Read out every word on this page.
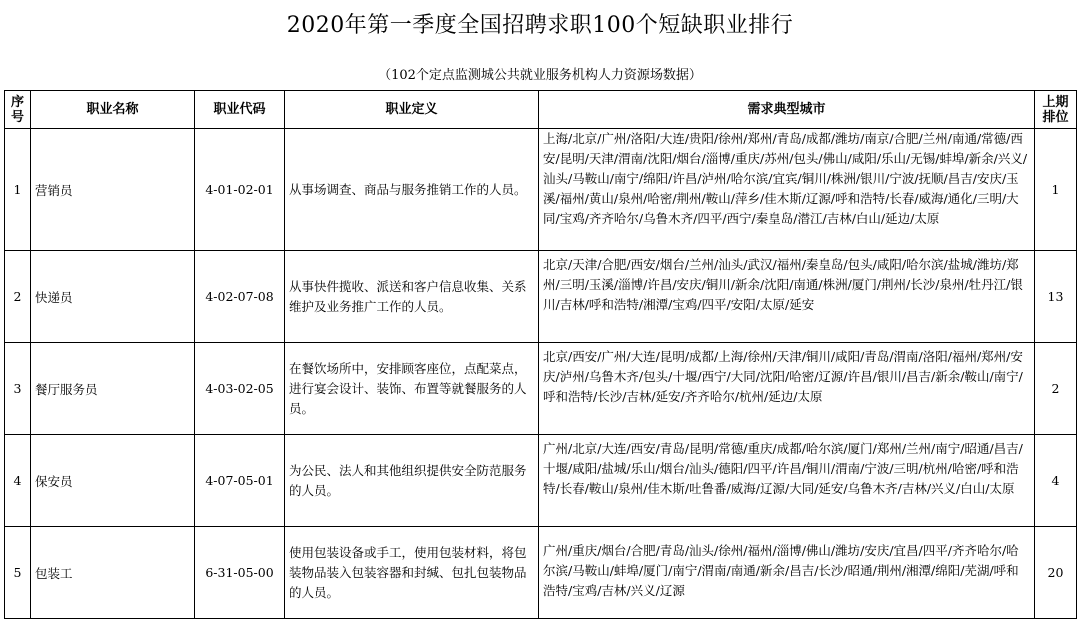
2020年第一季度全国招聘求职100个短缺职业排行
（102个定点监测城公共就业服务机构人力资源场数据）
序号	职业名称	职业代码	职业定义	需求典型城市	上期排位
1	营销员	4-01-02-01	从事场调查、商品与服务推销工作的人员。	上海/北京/广州/洛阳/大连/贵阳/徐州/郑州/青岛/成都/潍坊/南京/合肥/兰州/南通/常德/西安/昆明/天津/渭南/沈阳/烟台/淄博/重庆/苏州/包头/佛山/咸阳/乐山/无锡/蚌埠/新余/兴义/汕头/马鞍山/南宁/绵阳/许昌/泸州/哈尔滨/宜宾/铜川/株洲/银川/宁波/抚顺/昌吉/安庆/玉溪/福州/黄山/泉州/哈密/荆州/鞍山/萍乡/佳木斯/辽源/呼和浩特/长春/威海/通化/三明/大同/宝鸡/齐齐哈尔/乌鲁木齐/四平/西宁/秦皇岛/潜江/吉林/白山/延边/太原	1
2	快递员	4-02-07-08	从事快件揽收、派送和客户信息收集、关系维护及业务推广工作的人员。	北京/天津/合肥/西安/烟台/兰州/汕头/武汉/福州/秦皇岛/包头/咸阳/哈尔滨/盐城/潍坊/郑州/三明/玉溪/淄博/许昌/安庆/铜川/新余/沈阳/南通/株洲/厦门/荆州/长沙/泉州/牡丹江/银川/吉林/呼和浩特/湘潭/宝鸡/四平/安阳/太原/延安	13
3	餐厅服务员	4-03-02-05	在餐饮场所中，安排顾客座位，点配菜点，进行宴会设计、装饰、布置等就餐服务的人员。	北京/西安/广州/大连/昆明/成都/上海/徐州/天津/铜川/咸阳/青岛/渭南/洛阳/福州/郑州/安庆/泸州/乌鲁木齐/包头/十堰/西宁/大同/沈阳/哈密/辽源/许昌/银川/昌吉/新余/鞍山/南宁/呼和浩特/长沙/吉林/延安/齐齐哈尔/杭州/延边/太原	2
4	保安员	4-07-05-01	为公民、法人和其他组织提供安全防范服务的人员。	广州/北京/大连/西安/青岛/昆明/常德/重庆/成都/哈尔滨/厦门/郑州/兰州/南宁/昭通/昌吉/十堰/咸阳/盐城/乐山/烟台/汕头/德阳/四平/许昌/铜川/渭南/宁波/三明/杭州/哈密/呼和浩特/长春/鞍山/泉州/佳木斯/吐鲁番/威海/辽源/大同/延安/乌鲁木齐/吉林/兴义/白山/太原	4
5	包装工	6-31-05-00	使用包装设备或手工，使用包装材料，将包装物品装入包装容器和封缄、包扎包装物品的人员。	广州/重庆/烟台/合肥/青岛/汕头/徐州/福州/淄博/佛山/潍坊/安庆/宜昌/四平/齐齐哈尔/哈尔滨/马鞍山/蚌埠/厦门/南宁/渭南/南通/新余/昌吉/长沙/昭通/荆州/湘潭/绵阳/芜湖/呼和浩特/宝鸡/吉林/兴义/辽源	20
